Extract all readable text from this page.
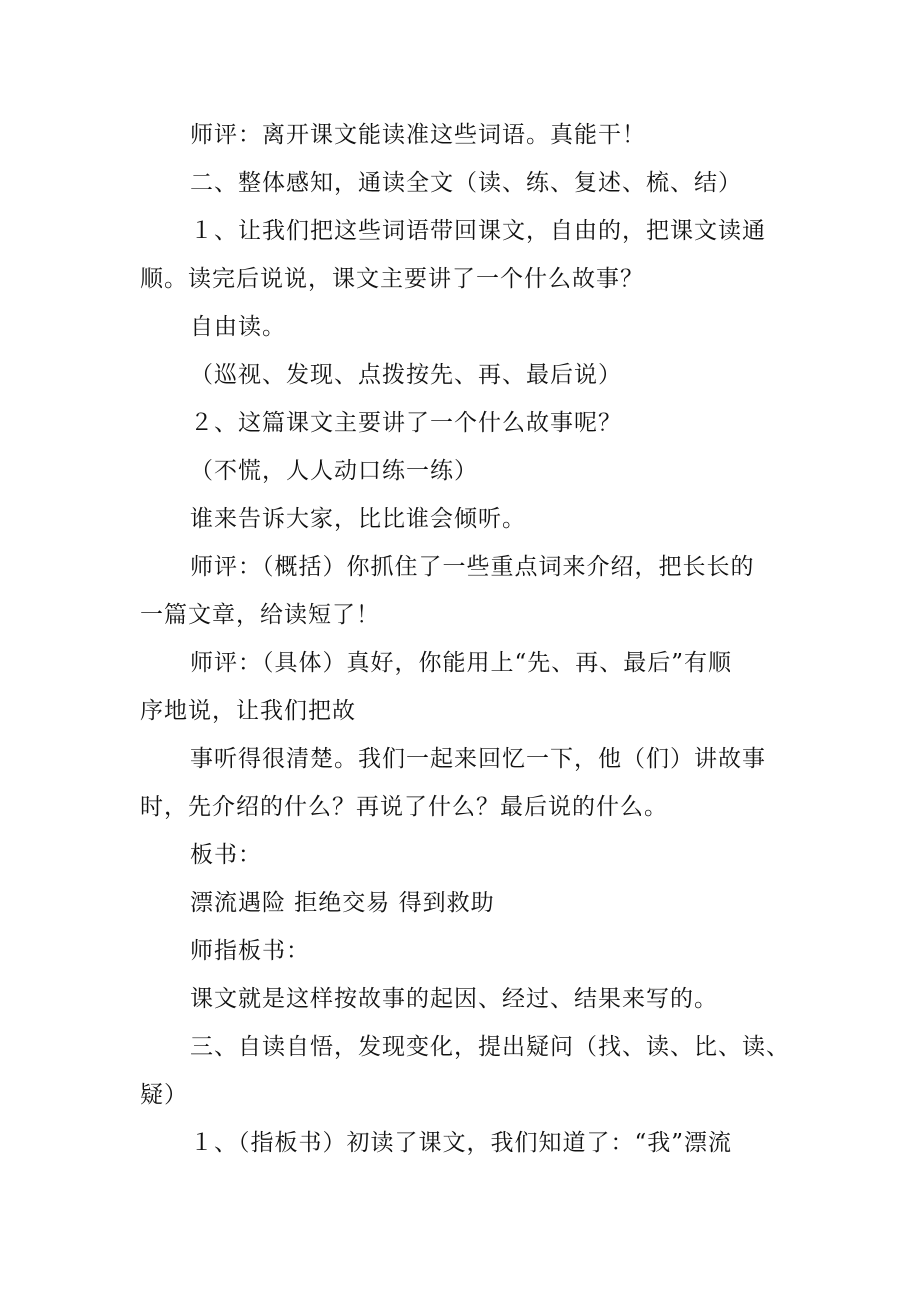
师评：离开课文能读准这些词语。真能干！
二、整体感知，通读全文（读、练、复述、梳、结）
１、让我们把这些词语带回课文，自由的，把课文读通
顺。读完后说说，课文主要讲了一个什么故事？
自由读。
（巡视、发现、点拨按先、再、最后说）
２、这篇课文主要讲了一个什么故事呢？
（不慌，人人动口练一练）
谁来告诉大家，比比谁会倾听。
师评：（概括）你抓住了一些重点词来介绍，把长长的
一篇文章，给读短了！
师评：（具体）真好，你能用上“先、再、最后”有顺
序地说，让我们把故
事听得很清楚。我们一起来回忆一下，他（们）讲故事
时，先介绍的什么？再说了什么？最后说的什么。
板书：
漂流遇险 拒绝交易 得到救助
师指板书：
课文就是这样按故事的起因、经过、结果来写的。
三、自读自悟，发现变化，提出疑问（找、读、比、读、
疑）
１、（指板书）初读了课文，我们知道了：“我”漂流
